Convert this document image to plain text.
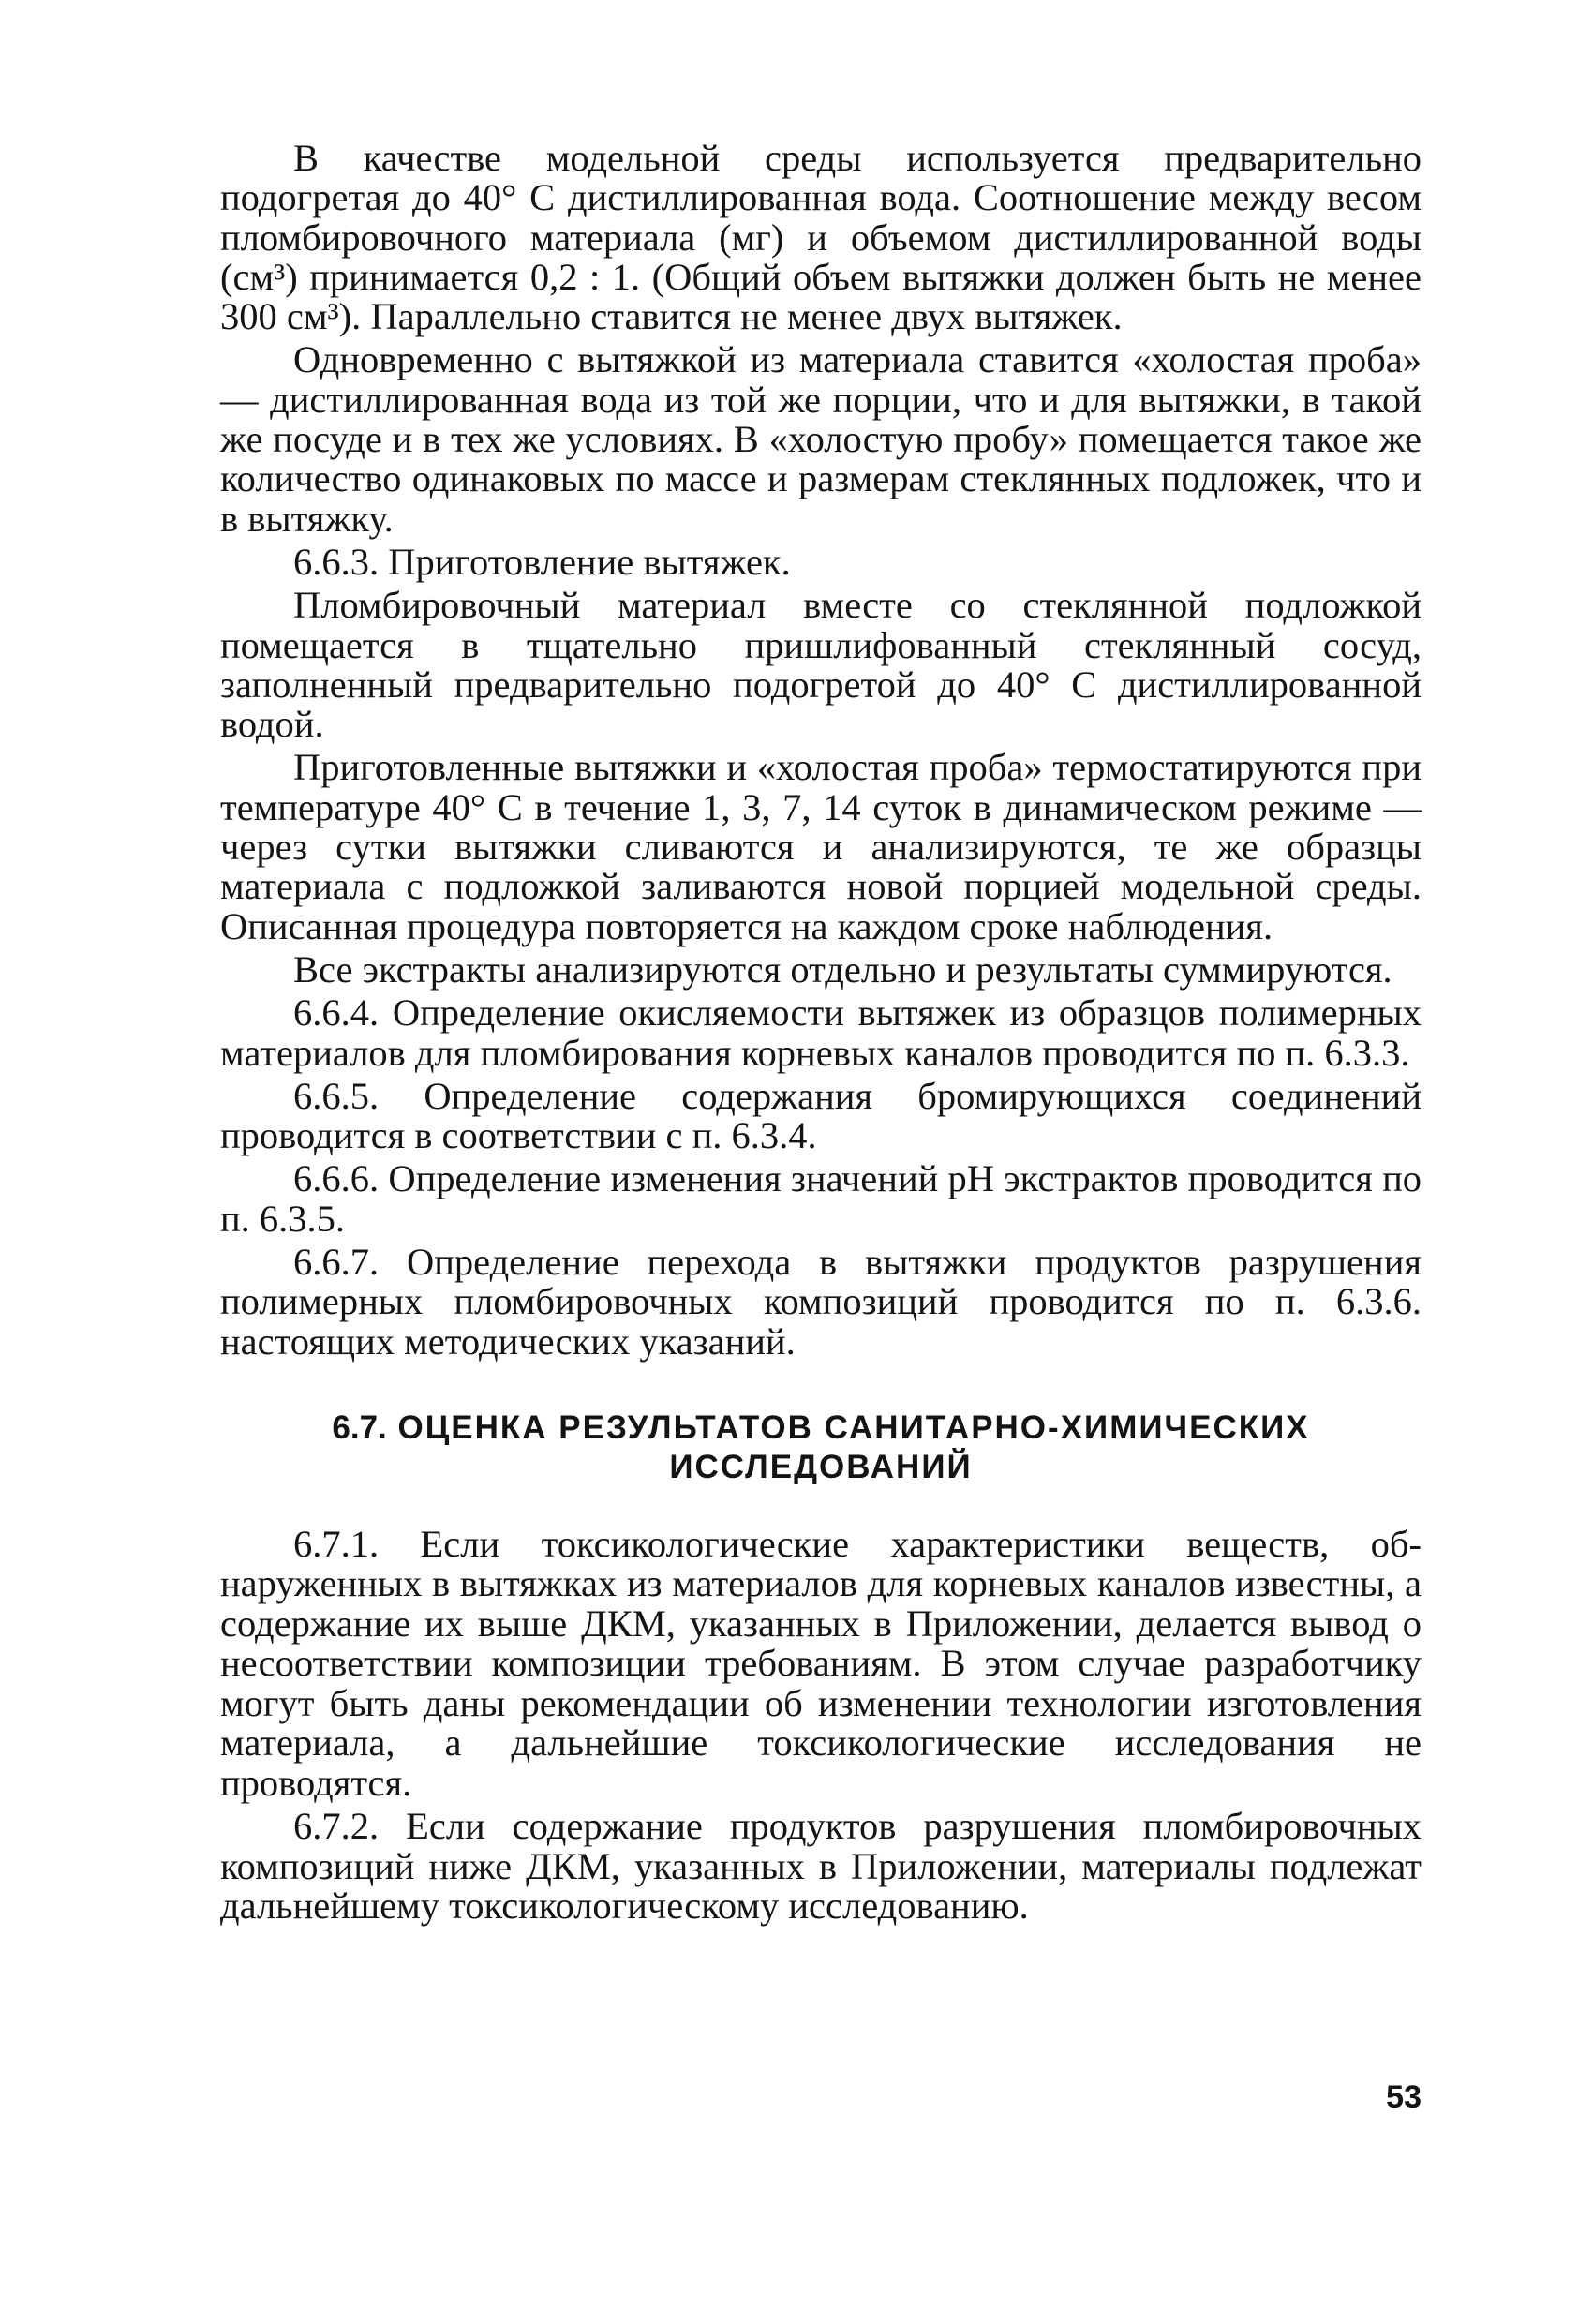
В качестве модельной среды используется предварительно подогретая до 40° С дистиллированная вода. Соотношение между весом пломбировочного материала (мг) и объемом дистиллированной воды (см³) принимается 0,2 : 1. (Общий объем вытяжки должен быть не менее 300 см³). Параллельно ставится не менее двух вытяжек.

Одновременно с вытяжкой из материала ставится «холостая проба» — дистиллированная вода из той же порции, что и для вытяжки, в такой же посуде и в тех же условиях. В «холостую пробу» помещается такое же количество одинаковых по массе и размерам стеклянных подложек, что и в вытяжку.

6.6.3. Приготовление вытяжек.

Пломбировочный материал вместе со стеклянной подложкой помещается в тщательно пришлифованный стеклянный сосуд, заполненный предварительно подогретой до 40° С дистиллированной водой.

Приготовленные вытяжки и «холостая проба» термостатируются при температуре 40° С в течение 1, 3, 7, 14 суток в динамическом режиме — через сутки вытяжки сливаются и анализируются, те же образцы материала с подложкой заливаются новой порцией модельной среды. Описанная процедура повторяется на каждом сроке наблюдения.

Все экстракты анализируются отдельно и результаты суммируются.

6.6.4. Определение окисляемости вытяжек из образцов полимерных материалов для пломбирования корневых каналов проводится по п. 6.3.3.

6.6.5. Определение содержания бромирующихся соединений проводится в соответствии с п. 6.3.4.

6.6.6. Определение изменения значений pH экстрактов проводится по п. 6.3.5.

6.6.7. Определение перехода в вытяжки продуктов разрушения полимерных пломбировочных композиций проводится по п. 6.3.6. настоящих методических указаний.

6.7. ОЦЕНКА РЕЗУЛЬТАТОВ САНИТАРНО-ХИМИЧЕСКИХ
ИССЛЕДОВАНИЙ

6.7.1. Если токсикологические характеристики веществ, обнаруженных в вытяжках из материалов для корневых каналов известны, а содержание их выше ДКМ, указанных в Приложении, делается вывод о несоответствии композиции требованиям. В этом случае разработчику могут быть даны рекомендации об изменении технологии изготовления материала, а дальнейшие токсикологические исследования не проводятся.

6.7.2. Если содержание продуктов разрушения пломбировочных композиций ниже ДКМ, указанных в Приложении, материалы подлежат дальнейшему токсикологическому исследованию.

53
